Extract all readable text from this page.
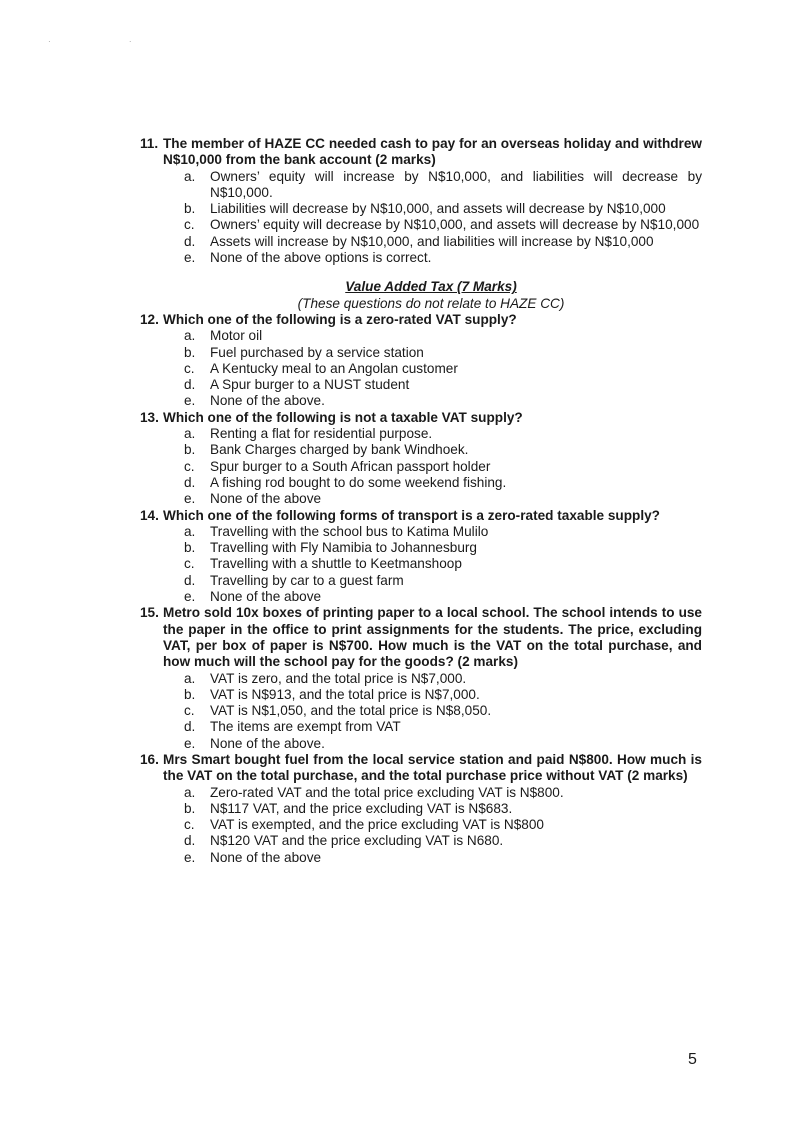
· ·
11. The member of HAZE CC needed cash to pay for an overseas holiday and withdrew N$10,000 from the bank account (2 marks)
a.	Owners’ equity will increase by N$10,000, and liabilities will decrease by N$10,000.
b.	Liabilities will decrease by N$10,000, and assets will decrease by N$10,000
c.	Owners’ equity will decrease by N$10,000, and assets will decrease by N$10,000
d.	Assets will increase by N$10,000, and liabilities will increase by N$10,000
e.	None of the above options is correct.
Value Added Tax (7 Marks)
(These questions do not relate to HAZE CC)
12. Which one of the following is a zero-rated VAT supply?
a.	Motor oil
b.	Fuel purchased by a service station
c.	A Kentucky meal to an Angolan customer
d.	A Spur burger to a NUST student
e.	None of the above.
13. Which one of the following is not a taxable VAT supply?
a.	Renting a flat for residential purpose.
b.	Bank Charges charged by bank Windhoek.
c.	Spur burger to a South African passport holder
d.	A fishing rod bought to do some weekend fishing.
e.	None of the above
14. Which one of the following forms of transport is a zero-rated taxable supply?
a.	Travelling with the school bus to Katima Mulilo
b.	Travelling with Fly Namibia to Johannesburg
c.	Travelling with a shuttle to Keetmanshoop
d.	Travelling by car to a guest farm
e.	None of the above
15. Metro sold 10x boxes of printing paper to a local school. The school intends to use the paper in the office to print assignments for the students. The price, excluding VAT, per box of paper is N$700. How much is the VAT on the total purchase, and how much will the school pay for the goods? (2 marks)
a.	VAT is zero, and the total price is N$7,000.
b.	VAT is N$913, and the total price is N$7,000.
c.	VAT is N$1,050, and the total price is N$8,050.
d.	The items are exempt from VAT
e.	None of the above.
16. Mrs Smart bought fuel from the local service station and paid N$800. How much is the VAT on the total purchase, and the total purchase price without VAT (2 marks)
a.	Zero-rated VAT and the total price excluding VAT is N$800.
b.	N$117 VAT, and the price excluding VAT is N$683.
c.	VAT is exempted, and the price excluding VAT is N$800
d.	N$120 VAT and the price excluding VAT is N680.
e.	None of the above
5
